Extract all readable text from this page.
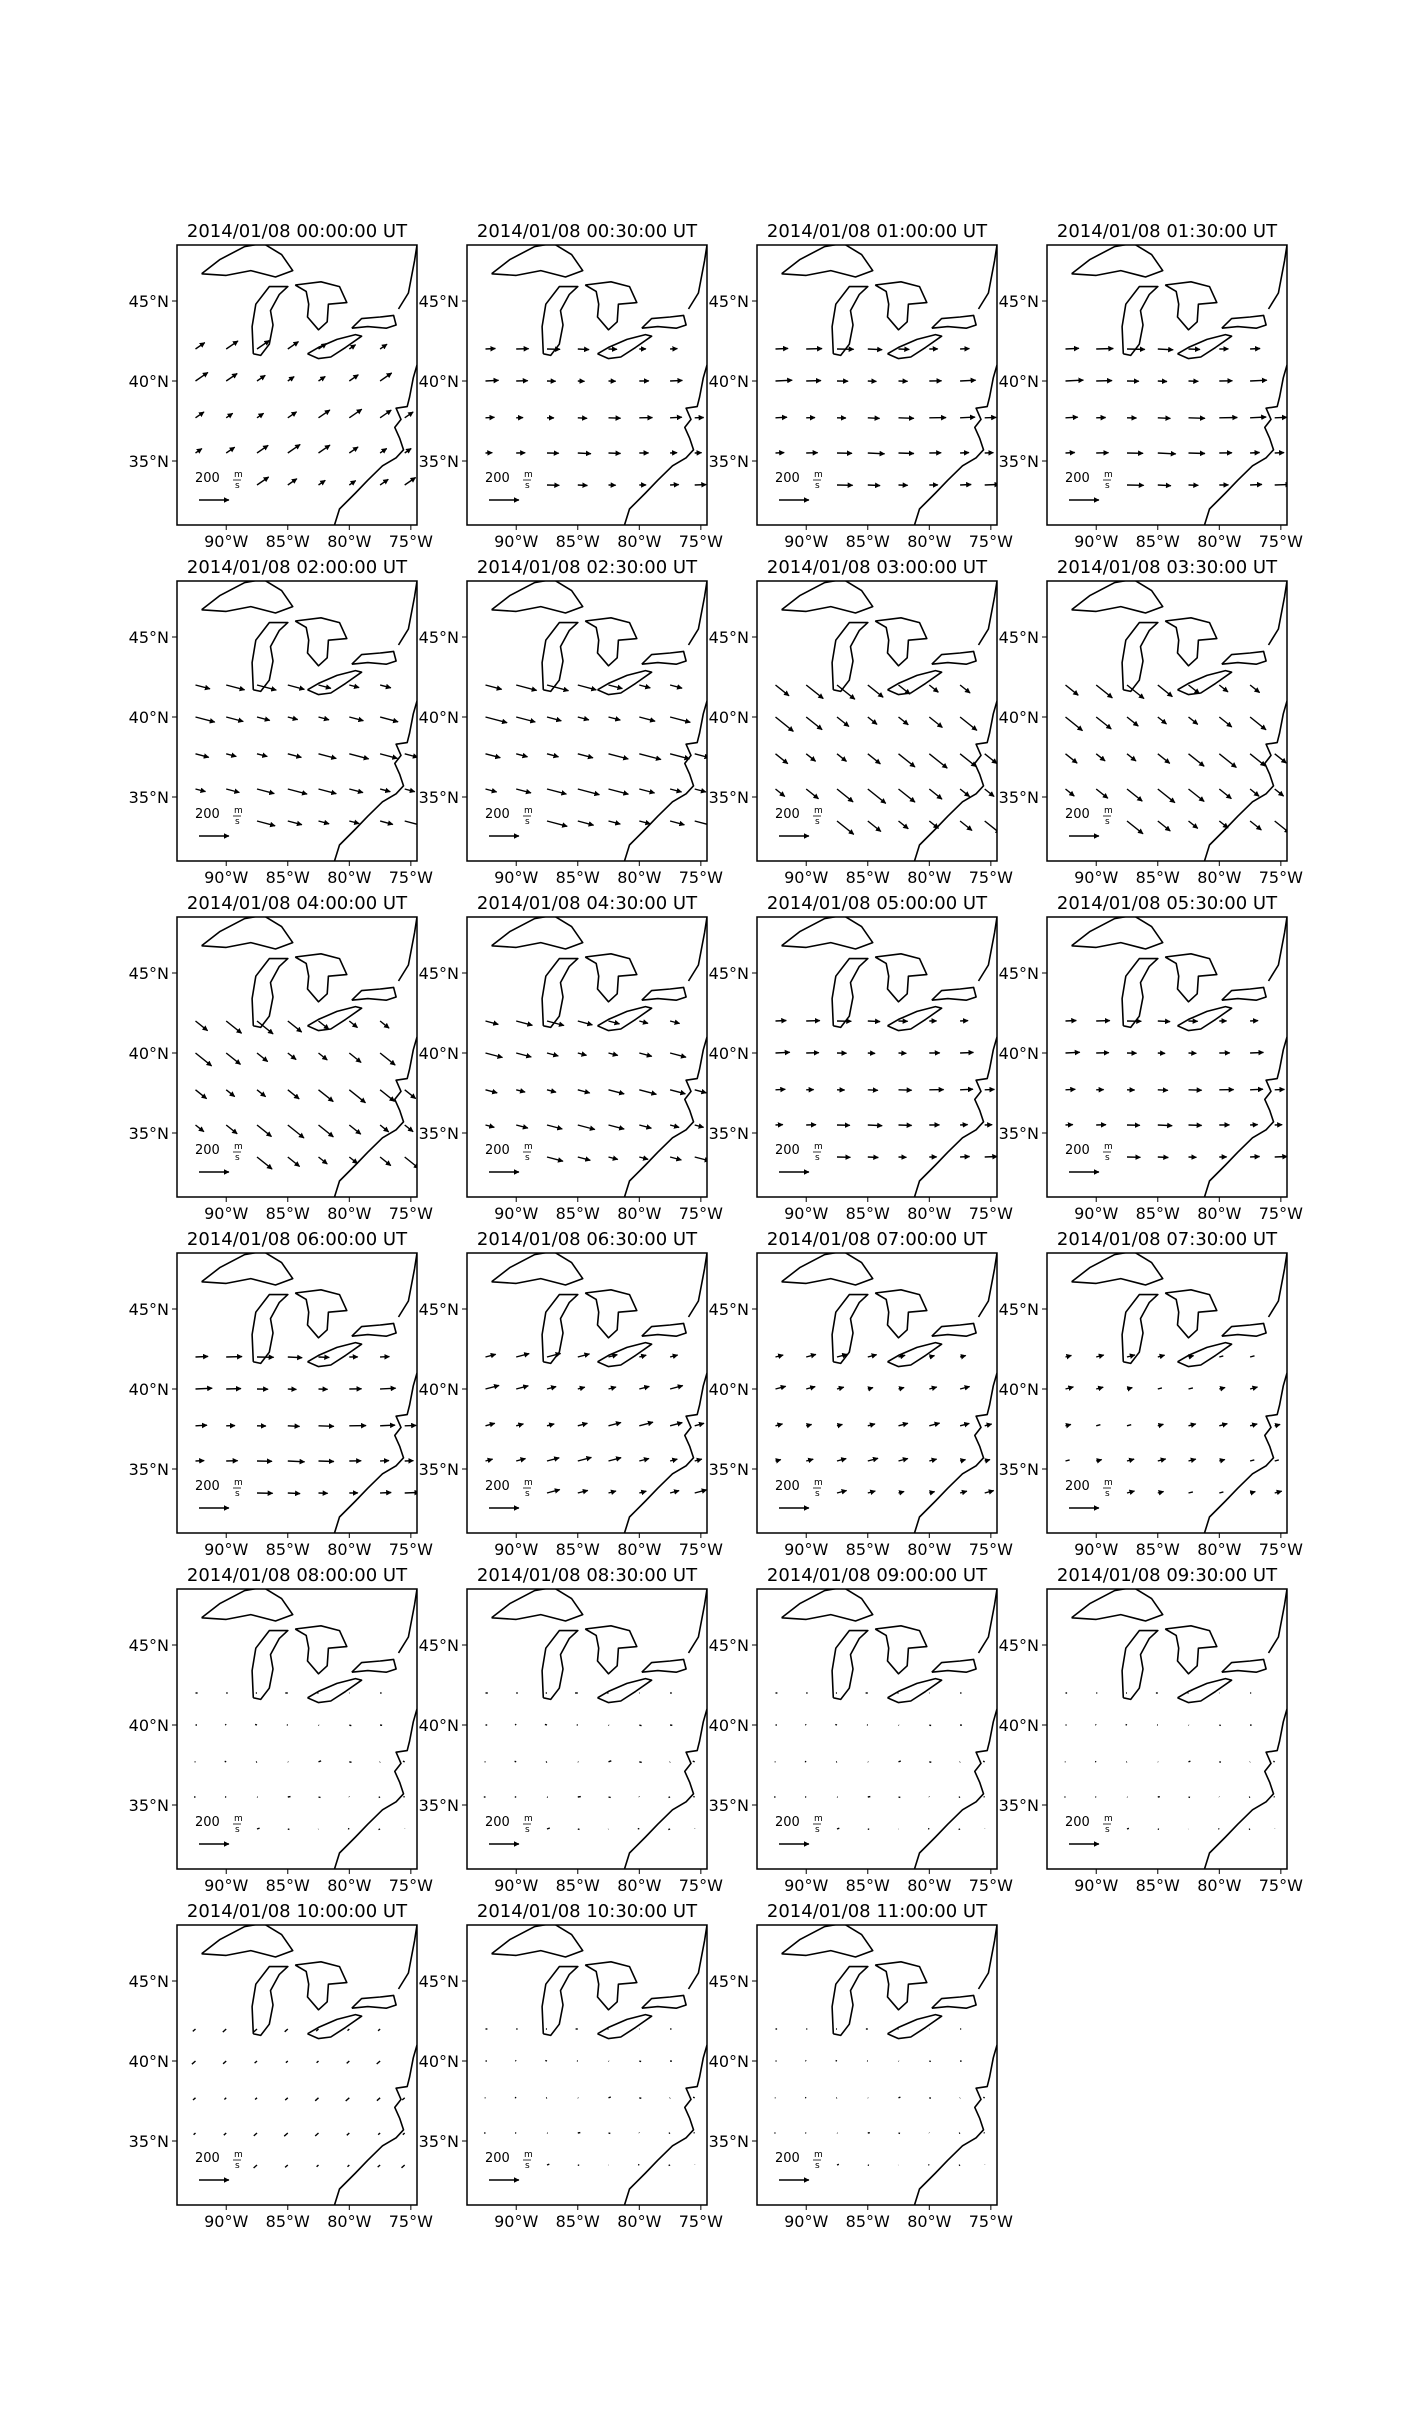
2014/01/08 00:00:00 UT
200 m
s
90°W 85°W 80°W 75°W
35°N
40°N
45°N
2014/01/08 00:30:00 UT
200 m
s
90°W 85°W 80°W 75°W
35°N
40°N
45°N
2014/01/08 01:00:00 UT
200 m
s
90°W 85°W 80°W 75°W
35°N
40°N
45°N
2014/01/08 01:30:00 UT
200 m
s
90°W 85°W 80°W 75°W
35°N
40°N
45°N
2014/01/08 02:00:00 UT
200 m
s
90°W 85°W 80°W 75°W
35°N
40°N
45°N
2014/01/08 02:30:00 UT
200 m
s
90°W 85°W 80°W 75°W
35°N
40°N
45°N
2014/01/08 03:00:00 UT
200 m
s
90°W 85°W 80°W 75°W
35°N
40°N
45°N
2014/01/08 03:30:00 UT
200 m
s
90°W 85°W 80°W 75°W
35°N
40°N
45°N
2014/01/08 04:00:00 UT
200 m
s
90°W 85°W 80°W 75°W
35°N
40°N
45°N
2014/01/08 04:30:00 UT
200 m
s
90°W 85°W 80°W 75°W
35°N
40°N
45°N
2014/01/08 05:00:00 UT
200 m
s
90°W 85°W 80°W 75°W
35°N
40°N
45°N
2014/01/08 05:30:00 UT
200 m
s
90°W 85°W 80°W 75°W
35°N
40°N
45°N
2014/01/08 06:00:00 UT
200 m
s
90°W 85°W 80°W 75°W
35°N
40°N
45°N
2014/01/08 06:30:00 UT
200 m
s
90°W 85°W 80°W 75°W
35°N
40°N
45°N
2014/01/08 07:00:00 UT
200 m
s
90°W 85°W 80°W 75°W
35°N
40°N
45°N
2014/01/08 07:30:00 UT
200 m
s
90°W 85°W 80°W 75°W
35°N
40°N
45°N
2014/01/08 08:00:00 UT
200 m
s
90°W 85°W 80°W 75°W
35°N
40°N
45°N
2014/01/08 08:30:00 UT
200 m
s
90°W 85°W 80°W 75°W
35°N
40°N
45°N
2014/01/08 09:00:00 UT
200 m
s
90°W 85°W 80°W 75°W
35°N
40°N
45°N
2014/01/08 09:30:00 UT
200 m
s
90°W 85°W 80°W 75°W
35°N
40°N
45°N
2014/01/08 10:00:00 UT
200 m
s
90°W 85°W 80°W 75°W
35°N
40°N
45°N
2014/01/08 10:30:00 UT
200 m
s
90°W 85°W 80°W 75°W
35°N
40°N
45°N
2014/01/08 11:00:00 UT
200 m
s
90°W 85°W 80°W 75°W
35°N
40°N
45°N
